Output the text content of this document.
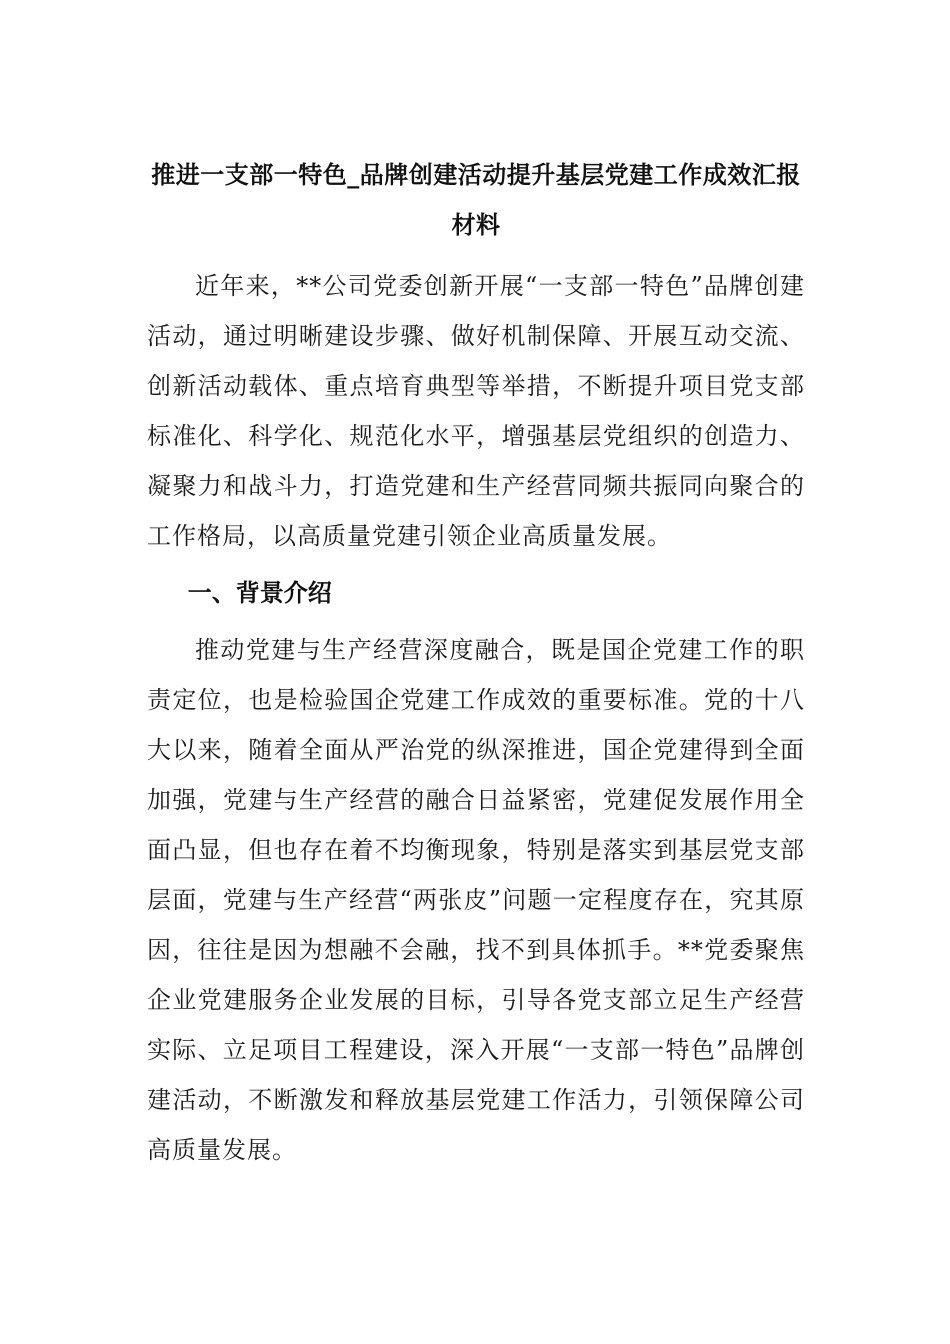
推进一支部一特色_品牌创建活动提升基层党建工作成效汇报材料

近年来，**公司党委创新开展“一支部一特色”品牌创建活动，通过明晰建设步骤、做好机制保障、开展互动交流、创新活动载体、重点培育典型等举措，不断提升项目党支部标准化、科学化、规范化水平，增强基层党组织的创造力、凝聚力和战斗力，打造党建和生产经营同频共振同向聚合的工作格局，以高质量党建引领企业高质量发展。

一、背景介绍

推动党建与生产经营深度融合，既是国企党建工作的职责定位，也是检验国企党建工作成效的重要标准。党的十八大以来，随着全面从严治党的纵深推进，国企党建得到全面加强，党建与生产经营的融合日益紧密，党建促发展作用全面凸显，但也存在着不均衡现象，特别是落实到基层党支部层面，党建与生产经营“两张皮”问题一定程度存在，究其原因，往往是因为想融不会融，找不到具体抓手。**党委聚焦企业党建服务企业发展的目标，引导各党支部立足生产经营实际、立足项目工程建设，深入开展“一支部一特色”品牌创建活动，不断激发和释放基层党建工作活力，引领保障公司高质量发展。
